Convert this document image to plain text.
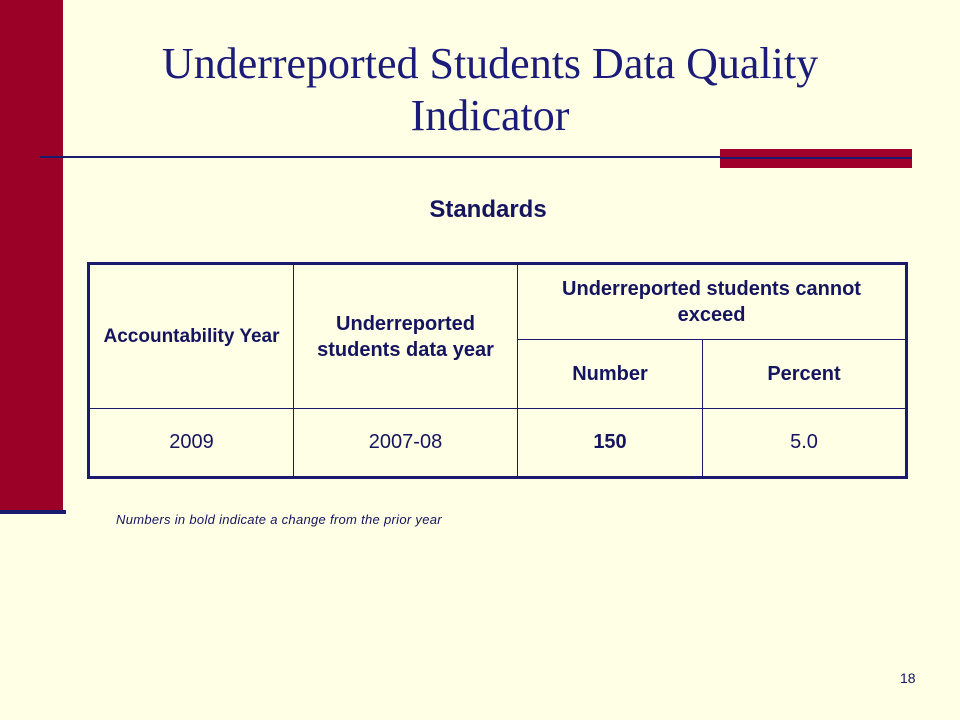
Underreported Students Data Quality Indicator
Standards
Accountability Year	Underreported students data year	Underreported students cannot exceed	
		Number	Percent
2009	2007-08	150	5.0
Numbers in bold indicate a change from the prior year
18
